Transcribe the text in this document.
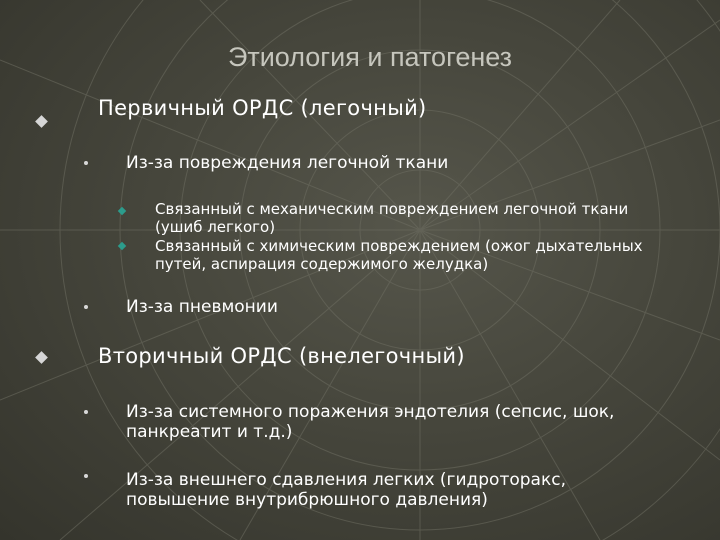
Этиология и патогенез
Первичный ОРДС (легочный)
Из-за повреждения легочной ткани
Связанный с механическим повреждением легочной ткани (ушиб легкого)
Связанный с химическим повреждением (ожог дыхательных путей, аспирация содержимого желудка)
Из-за пневмонии
Вторичный ОРДС (внелегочный)
Из-за системного поражения эндотелия (сепсис, шок, панкреатит и т.д.)
Из-за внешнего сдавления легких (гидроторакс, повышение внутрибрюшного давления)
